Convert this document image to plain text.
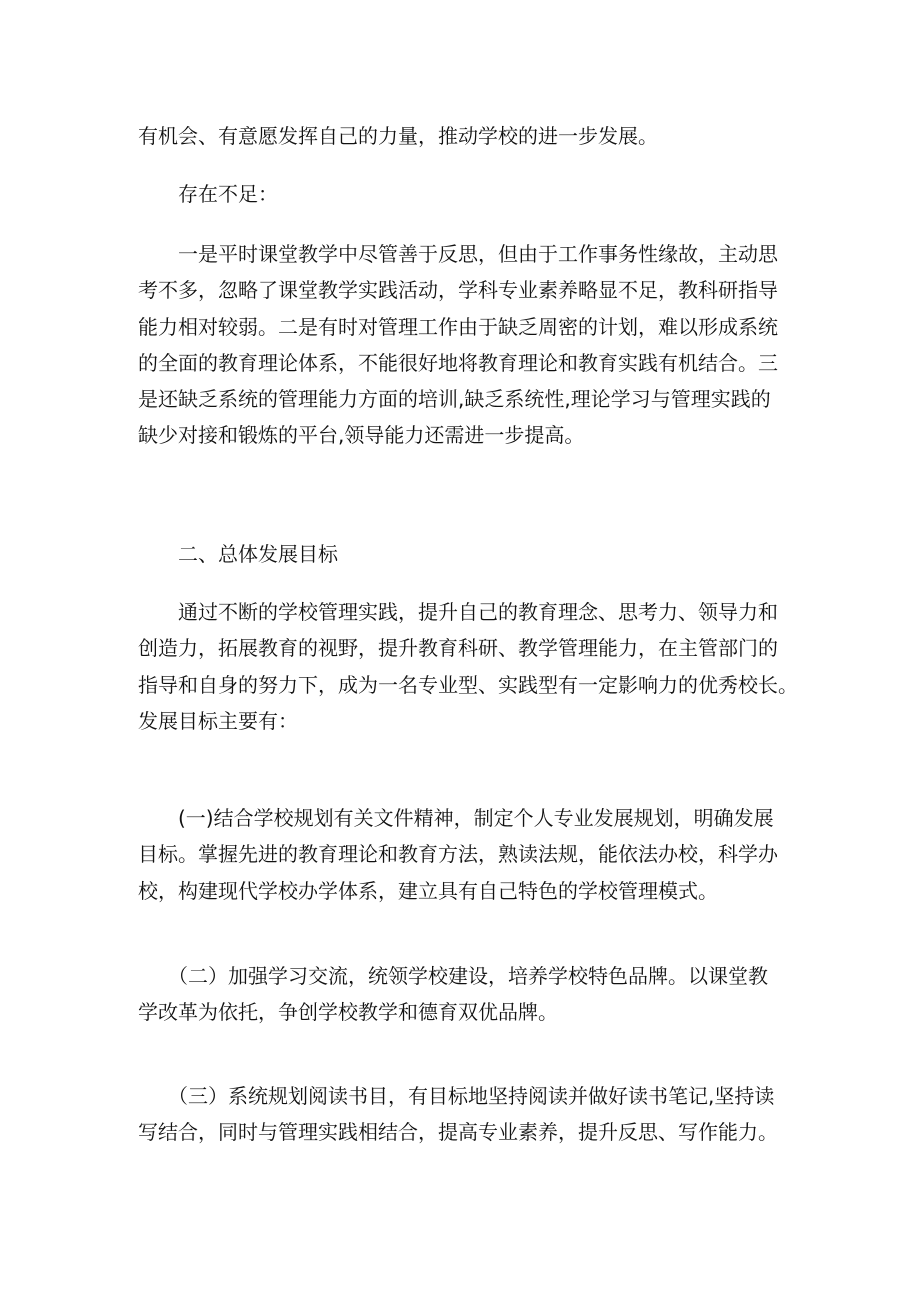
有机会、有意愿发挥自己的力量，推动学校的进一步发展。
存在不足：
　　一是平时课堂教学中尽管善于反思，但由于工作事务性缘故，主动思
考不多，忽略了课堂教学实践活动，学科专业素养略显不足，教科研指导
能力相对较弱。二是有时对管理工作由于缺乏周密的计划，难以形成系统
的全面的教育理论体系，不能很好地将教育理论和教育实践有机结合。三
是还缺乏系统的管理能力方面的培训,缺乏系统性,理论学习与管理实践的
缺少对接和锻炼的平台,领导能力还需进一步提高。
二、总体发展目标
　　通过不断的学校管理实践，提升自己的教育理念、思考力、领导力和
创造力，拓展教育的视野，提升教育科研、教学管理能力，在主管部门的
指导和自身的努力下，成为一名专业型、实践型有一定影响力的优秀校长。
发展目标主要有：
　　(一)结合学校规划有关文件精神，制定个人专业发展规划，明确发展
目标。掌握先进的教育理论和教育方法，熟读法规，能依法办校，科学办
校，构建现代学校办学体系，建立具有自己特色的学校管理模式。
　　（二）加强学习交流，统领学校建设，培养学校特色品牌。以课堂教
学改革为依托，争创学校教学和德育双优品牌。
　　（三）系统规划阅读书目，有目标地坚持阅读并做好读书笔记,坚持读
写结合，同时与管理实践相结合，提高专业素养，提升反思、写作能力。
